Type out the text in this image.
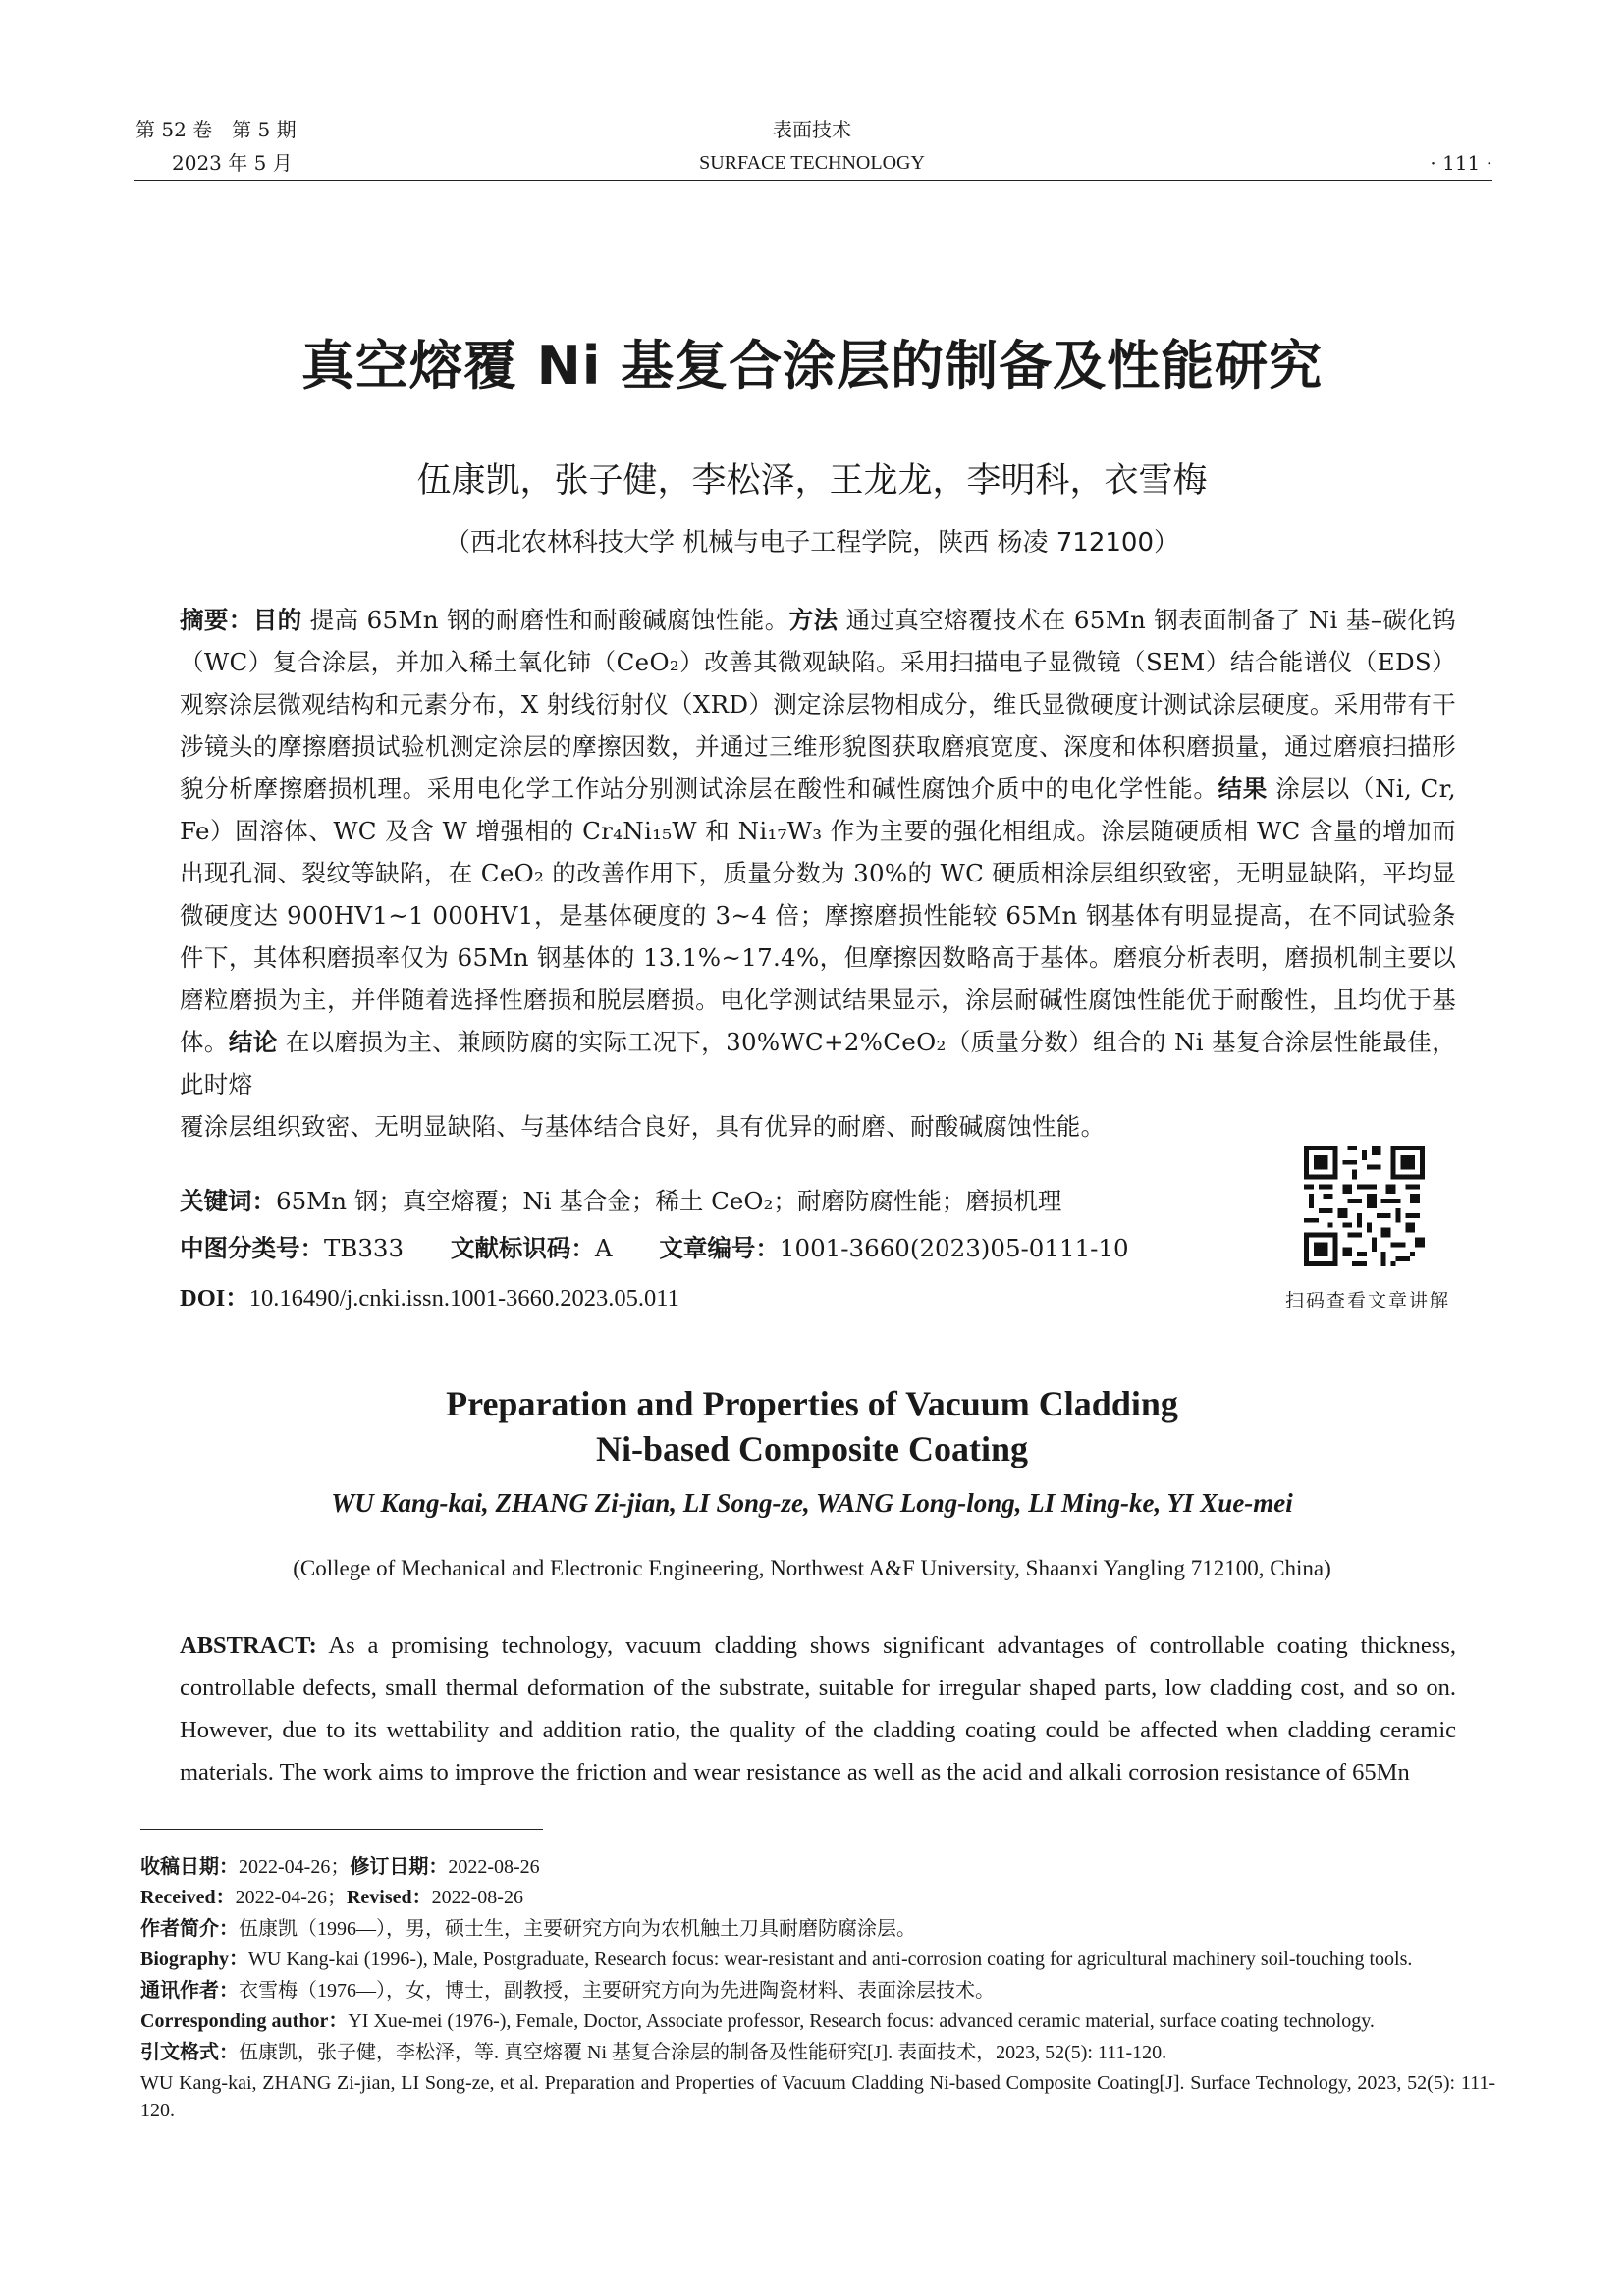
第 52 卷　第 5 期
2023 年 5 月
表面技术
SURFACE TECHNOLOGY	· 111 ·
真空熔覆 Ni 基复合涂层的制备及性能研究
伍康凯，张子健，李松泽，王龙龙，李明科，衣雪梅
（西北农林科技大学 机械与电子工程学院，陕西 杨凌 712100）

摘要：目的 提高 65Mn 钢的耐磨性和耐酸碱腐蚀性能。方法 通过真空熔覆技术在 65Mn 钢表面制备了 Ni 基–碳化钨（WC）复合涂层，并加入稀土氧化铈（CeO₂）改善其微观缺陷。采用扫描电子显微镜（SEM）结合能谱仪（EDS）观察涂层微观结构和元素分布，X 射线衍射仪（XRD）测定涂层物相成分，维氏显微硬度计测试涂层硬度。采用带有干涉镜头的摩擦磨损试验机测定涂层的摩擦因数，并通过三维形貌图获取磨痕宽度、深度和体积磨损量，通过磨痕扫描形貌分析摩擦磨损机理。采用电化学工作站分别测试涂层在酸性和碱性腐蚀介质中的电化学性能。结果 涂层以（Ni, Cr, Fe）固溶体、WC 及含 W 增强相的 Cr₄Ni₁₅W 和 Ni₁₇W₃ 作为主要的强化相组成。涂层随硬质相 WC 含量的增加而出现孔洞、裂纹等缺陷，在 CeO₂ 的改善作用下，质量分数为 30%的 WC 硬质相涂层组织致密，无明显缺陷，平均显微硬度达 900HV1~1 000HV1，是基体硬度的 3~4 倍；摩擦磨损性能较 65Mn 钢基体有明显提高，在不同试验条件下，其体积磨损率仅为 65Mn 钢基体的 13.1%~17.4%，但摩擦因数略高于基体。磨痕分析表明，磨损机制主要以磨粒磨损为主，并伴随着选择性磨损和脱层磨损。电化学测试结果显示，涂层耐碱性腐蚀性能优于耐酸性，且均优于基体。结论 在以磨损为主、兼顾防腐的实际工况下，30%WC+2%CeO₂（质量分数）组合的 Ni 基复合涂层性能最佳，此时熔

覆涂层组织致密、无明显缺陷、与基体结合良好，具有优异的耐磨、耐酸碱腐蚀性能。

关键词：65Mn 钢；真空熔覆；Ni 基合金；稀土 CeO₂；耐磨防腐性能；磨损机理
中图分类号：TB333 文献标识码：A 文章编号：1001-3660(2023)05-0111-10
DOI：10.16490/j.cnki.issn.1001-3660.2023.05.011	扫码查看文章讲解
Preparation and Properties of Vacuum Cladding
Ni-based Composite Coating
WU Kang-kai, ZHANG Zi-jian, LI Song-ze, WANG Long-long, LI Ming-ke, YI Xue-mei
(College of Mechanical and Electronic Engineering, Northwest A&F University, Shaanxi Yangling 712100, China)

ABSTRACT: As a promising technology, vacuum cladding shows significant advantages of controllable coating thickness, controllable defects, small thermal deformation of the substrate, suitable for irregular shaped parts, low cladding cost, and so on. However, due to its wettability and addition ratio, the quality of the cladding coating could be affected when cladding ceramic materials. The work aims to improve the friction and wear resistance as well as the acid and alkali corrosion resistance of 65Mn

收稿日期：2022-04-26；修订日期：2022-08-26
Received：2022-04-26；Revised：2022-08-26
作者简介：伍康凯（1996—），男，硕士生，主要研究方向为农机触土刀具耐磨防腐涂层。
Biography：WU Kang-kai (1996-), Male, Postgraduate, Research focus: wear-resistant and anti-corrosion coating for agricultural machinery soil-touching tools.
通讯作者：衣雪梅（1976—），女，博士，副教授，主要研究方向为先进陶瓷材料、表面涂层技术。
Corresponding author：YI Xue-mei (1976-), Female, Doctor, Associate professor, Research focus: advanced ceramic material, surface coating technology.
引文格式：伍康凯，张子健，李松泽，等. 真空熔覆 Ni 基复合涂层的制备及性能研究[J]. 表面技术，2023, 52(5): 111-120.
WU Kang-kai, ZHANG Zi-jian, LI Song-ze, et al. Preparation and Properties of Vacuum Cladding Ni-based Composite Coating[J]. Surface Technology, 2023, 52(5): 111-120.
